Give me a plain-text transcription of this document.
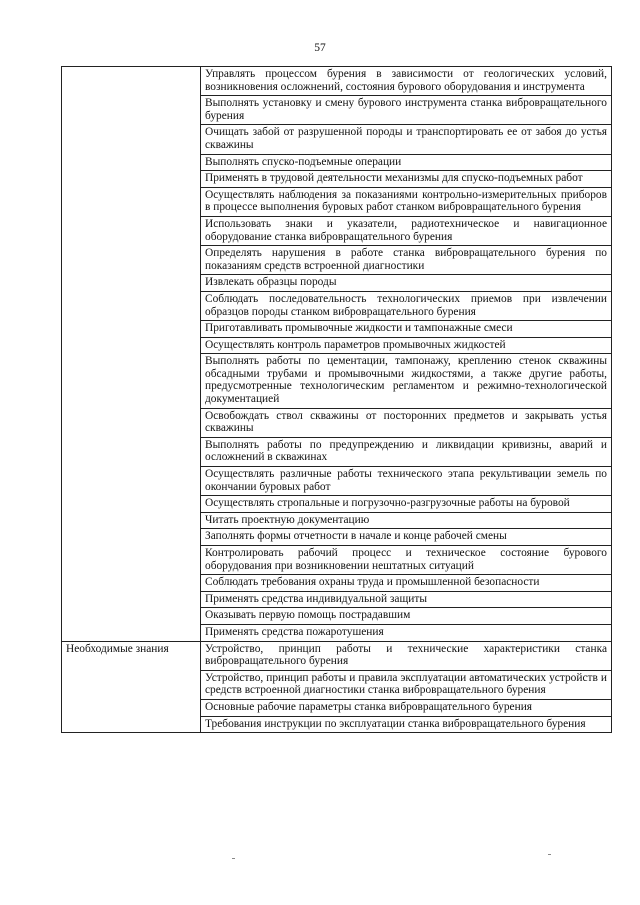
57
	Управлять процессом бурения в зависимости от геологических условий, возникновения осложнений, состояния бурового оборудования и инструмента
	Выполнять установку и смену бурового инструмента станка вибровращательного бурения
	Очищать забой от разрушенной породы и транспортировать ее от забоя до устья скважины
	Выполнять спуско-подъемные операции
	Применять в трудовой деятельности механизмы для спуско-подъемных работ
	Осуществлять наблюдения за показаниями контрольно-измерительных приборов в процессе выполнения буровых работ станком вибровращательного бурения
	Использовать знаки и указатели, радиотехническое и навигационное оборудование станка вибровращательного бурения
	Определять нарушения в работе станка вибровращательного бурения по показаниям средств встроенной диагностики
	Извлекать образцы породы
	Соблюдать последовательность технологических приемов при извлечении образцов породы станком вибровращательного бурения
	Приготавливать промывочные жидкости и тампонажные смеси
	Осуществлять контроль параметров промывочных жидкостей
	Выполнять работы по цементации, тампонажу, креплению стенок скважины обсадными трубами и промывочными жидкостями, а также другие работы, предусмотренные технологическим регламентом и режимно-технологической документацией
	Освобождать ствол скважины от посторонних предметов и закрывать устья скважины
	Выполнять работы по предупреждению и ликвидации кривизны, аварий и осложнений в скважинах
	Осуществлять различные работы технического этапа рекультивации земель по окончании буровых работ
	Осуществлять стропальные и погрузочно-разгрузочные работы на буровой
	Читать проектную документацию
	Заполнять формы отчетности в начале и конце рабочей смены
	Контролировать рабочий процесс и техническое состояние бурового оборудования при возникновении нештатных ситуаций
	Соблюдать требования охраны труда и промышленной безопасности
	Применять средства индивидуальной защиты
	Оказывать первую помощь пострадавшим
	Применять средства пожаротушения
Необходимые знания	Устройство, принцип работы и технические характеристики станка вибровращательного бурения
	Устройство, принцип работы и правила эксплуатации автоматических устройств и средств встроенной диагностики станка вибровращательного бурения
	Основные рабочие параметры станка вибровращательного бурения
	Требования инструкции по эксплуатации станка вибровращательного бурения
